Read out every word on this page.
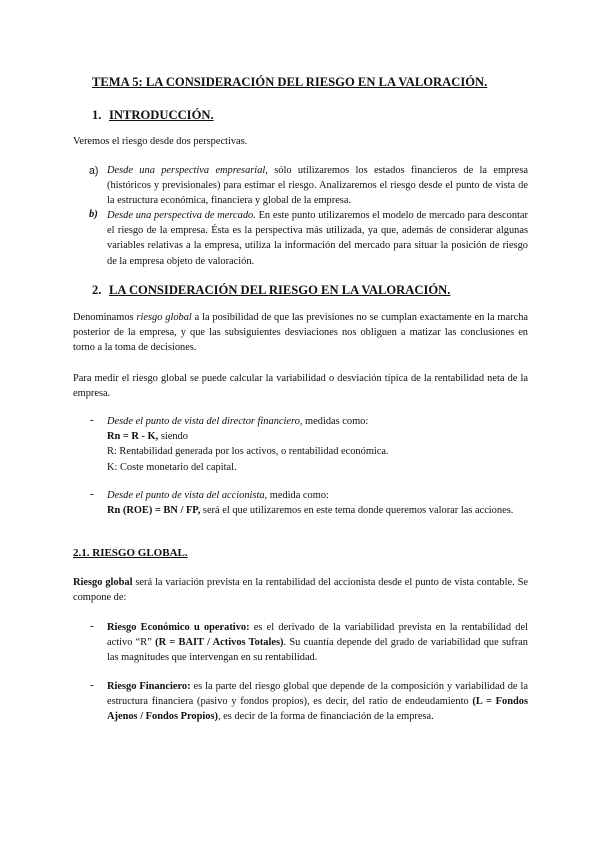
TEMA 5: LA CONSIDERACIÓN DEL RIESGO EN LA VALORACIÓN.
1. INTRODUCCIÓN.
Veremos el riesgo desde dos perspectivas.
a) Desde una perspectiva empresarial, sólo utilizaremos los estados financieros de la empresa (históricos y previsionales) para estimar el riesgo. Analizaremos el riesgo desde el punto de vista de la estructura económica, financiera y global de la empresa.
b) Desde una perspectiva de mercado. En este punto utilizaremos el modelo de mercado para descontar el riesgo de la empresa. Ésta es la perspectiva más utilizada, ya que, además de considerar algunas variables relativas a la empresa, utiliza la información del mercado para situar la posición de riesgo de la empresa objeto de valoración.
2. LA CONSIDERACIÓN DEL RIESGO EN LA VALORACIÓN.
Denominamos riesgo global a la posibilidad de que las previsiones no se cumplan exactamente en la marcha posterior de la empresa, y que las subsiguientes desviaciones nos obliguen a matizar las conclusiones en torno a la toma de decisiones.
Para medir el riesgo global se puede calcular la variabilidad o desviación típica de la rentabilidad neta de la empresa.
- Desde el punto de vista del director financiero, medidas como:
Rn = R - K, siendo
R: Rentabilidad generada por los activos, o rentabilidad económica.
K: Coste monetario del capital.
- Desde el punto de vista del accionista, medida como:
Rn (ROE) = BN / FP, será el que utilizaremos en este tema donde queremos valorar las acciones.
2.1. RIESGO GLOBAL.
Riesgo global será la variación prevista en la rentabilidad del accionista desde el punto de vista contable. Se compone de:
- Riesgo Económico u operativo: es el derivado de la variabilidad prevista en la rentabilidad del activo “R” (R = BAIT / Activos Totales). Su cuantía depende del grado de variabilidad que sufran las magnitudes que intervengan en su rentabilidad.
- Riesgo Financiero: es la parte del riesgo global que depende de la composición y variabilidad de la estructura financiera (pasivo y fondos propios), es decir, del ratio de endeudamiento (L = Fondos Ajenos / Fondos Propios), es decir de la forma de financiación de la empresa.
